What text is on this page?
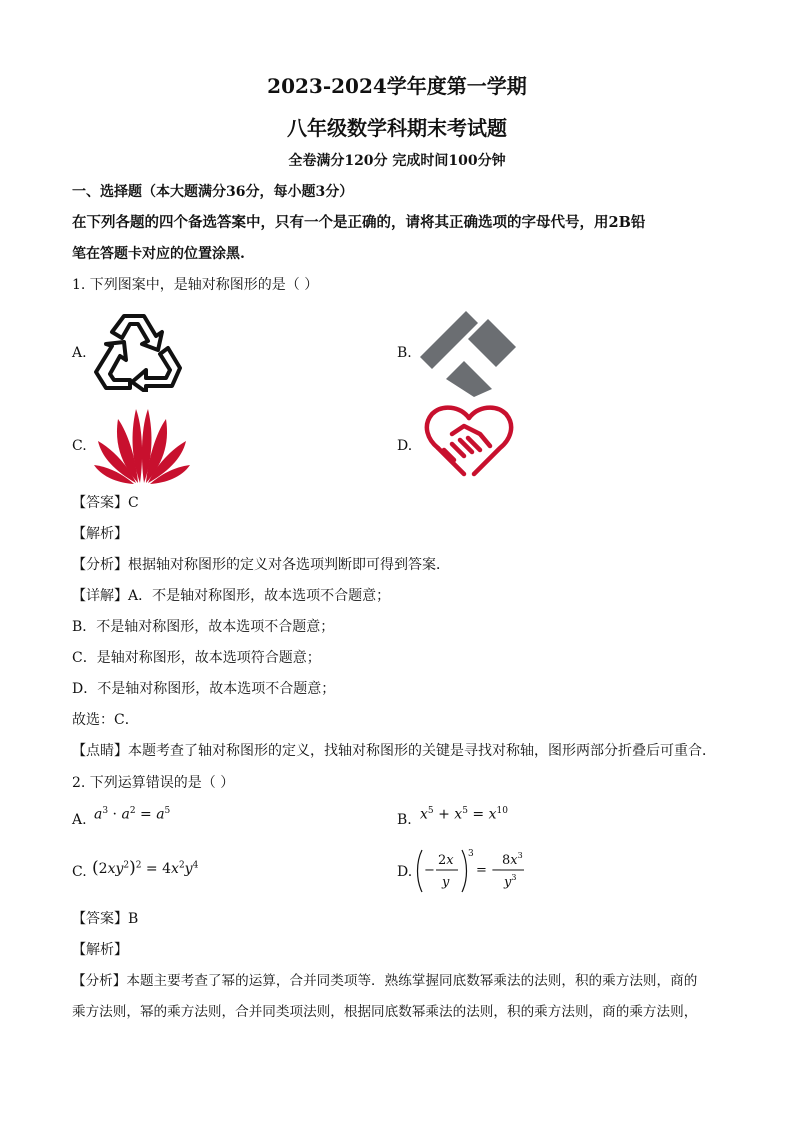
2023-2024学年度第一学期
八年级数学科期末考试题
全卷满分120分 完成时间100分钟
一、选择题（本大题满分36分，每小题3分）
在下列各题的四个备选答案中，只有一个是正确的，请将其正确选项的字母代号，用2B铅
笔在答题卡对应的位置涂黑.
1. 下列图案中，是轴对称图形的是（ ）
A.	B.
C.	D.
【答案】C
【解析】
【分析】根据轴对称图形的定义对各选项判断即可得到答案．
【详解】A．不是轴对称图形，故本选项不合题意；
B．不是轴对称图形，故本选项不合题意；
C．是轴对称图形，故本选项符合题意；
D．不是轴对称图形，故本选项不合题意；
故选：C．
【点睛】本题考查了轴对称图形的定义，找轴对称图形的关键是寻找对称轴，图形两部分折叠后可重合．
2. 下列运算错误的是（ ）
A. $a^3 \cdot a^2 = a^5$
B. $x^5 + x^5 = x^{10}$
C. $(2xy^2)^2 = 4x^2y^4$	D. −
2x
y
3
= −
$8x^3$
$y^3$
【答案】B
【解析】
【分析】本题主要考查了幂的运算，合并同类项等．熟练掌握同底数幂乘法的法则，积的乘方法则，商的
乘方法则，幂的乘方法则，合并同类项法则，根据同底数幂乘法的法则，积的乘方法则，商的乘方法则，
